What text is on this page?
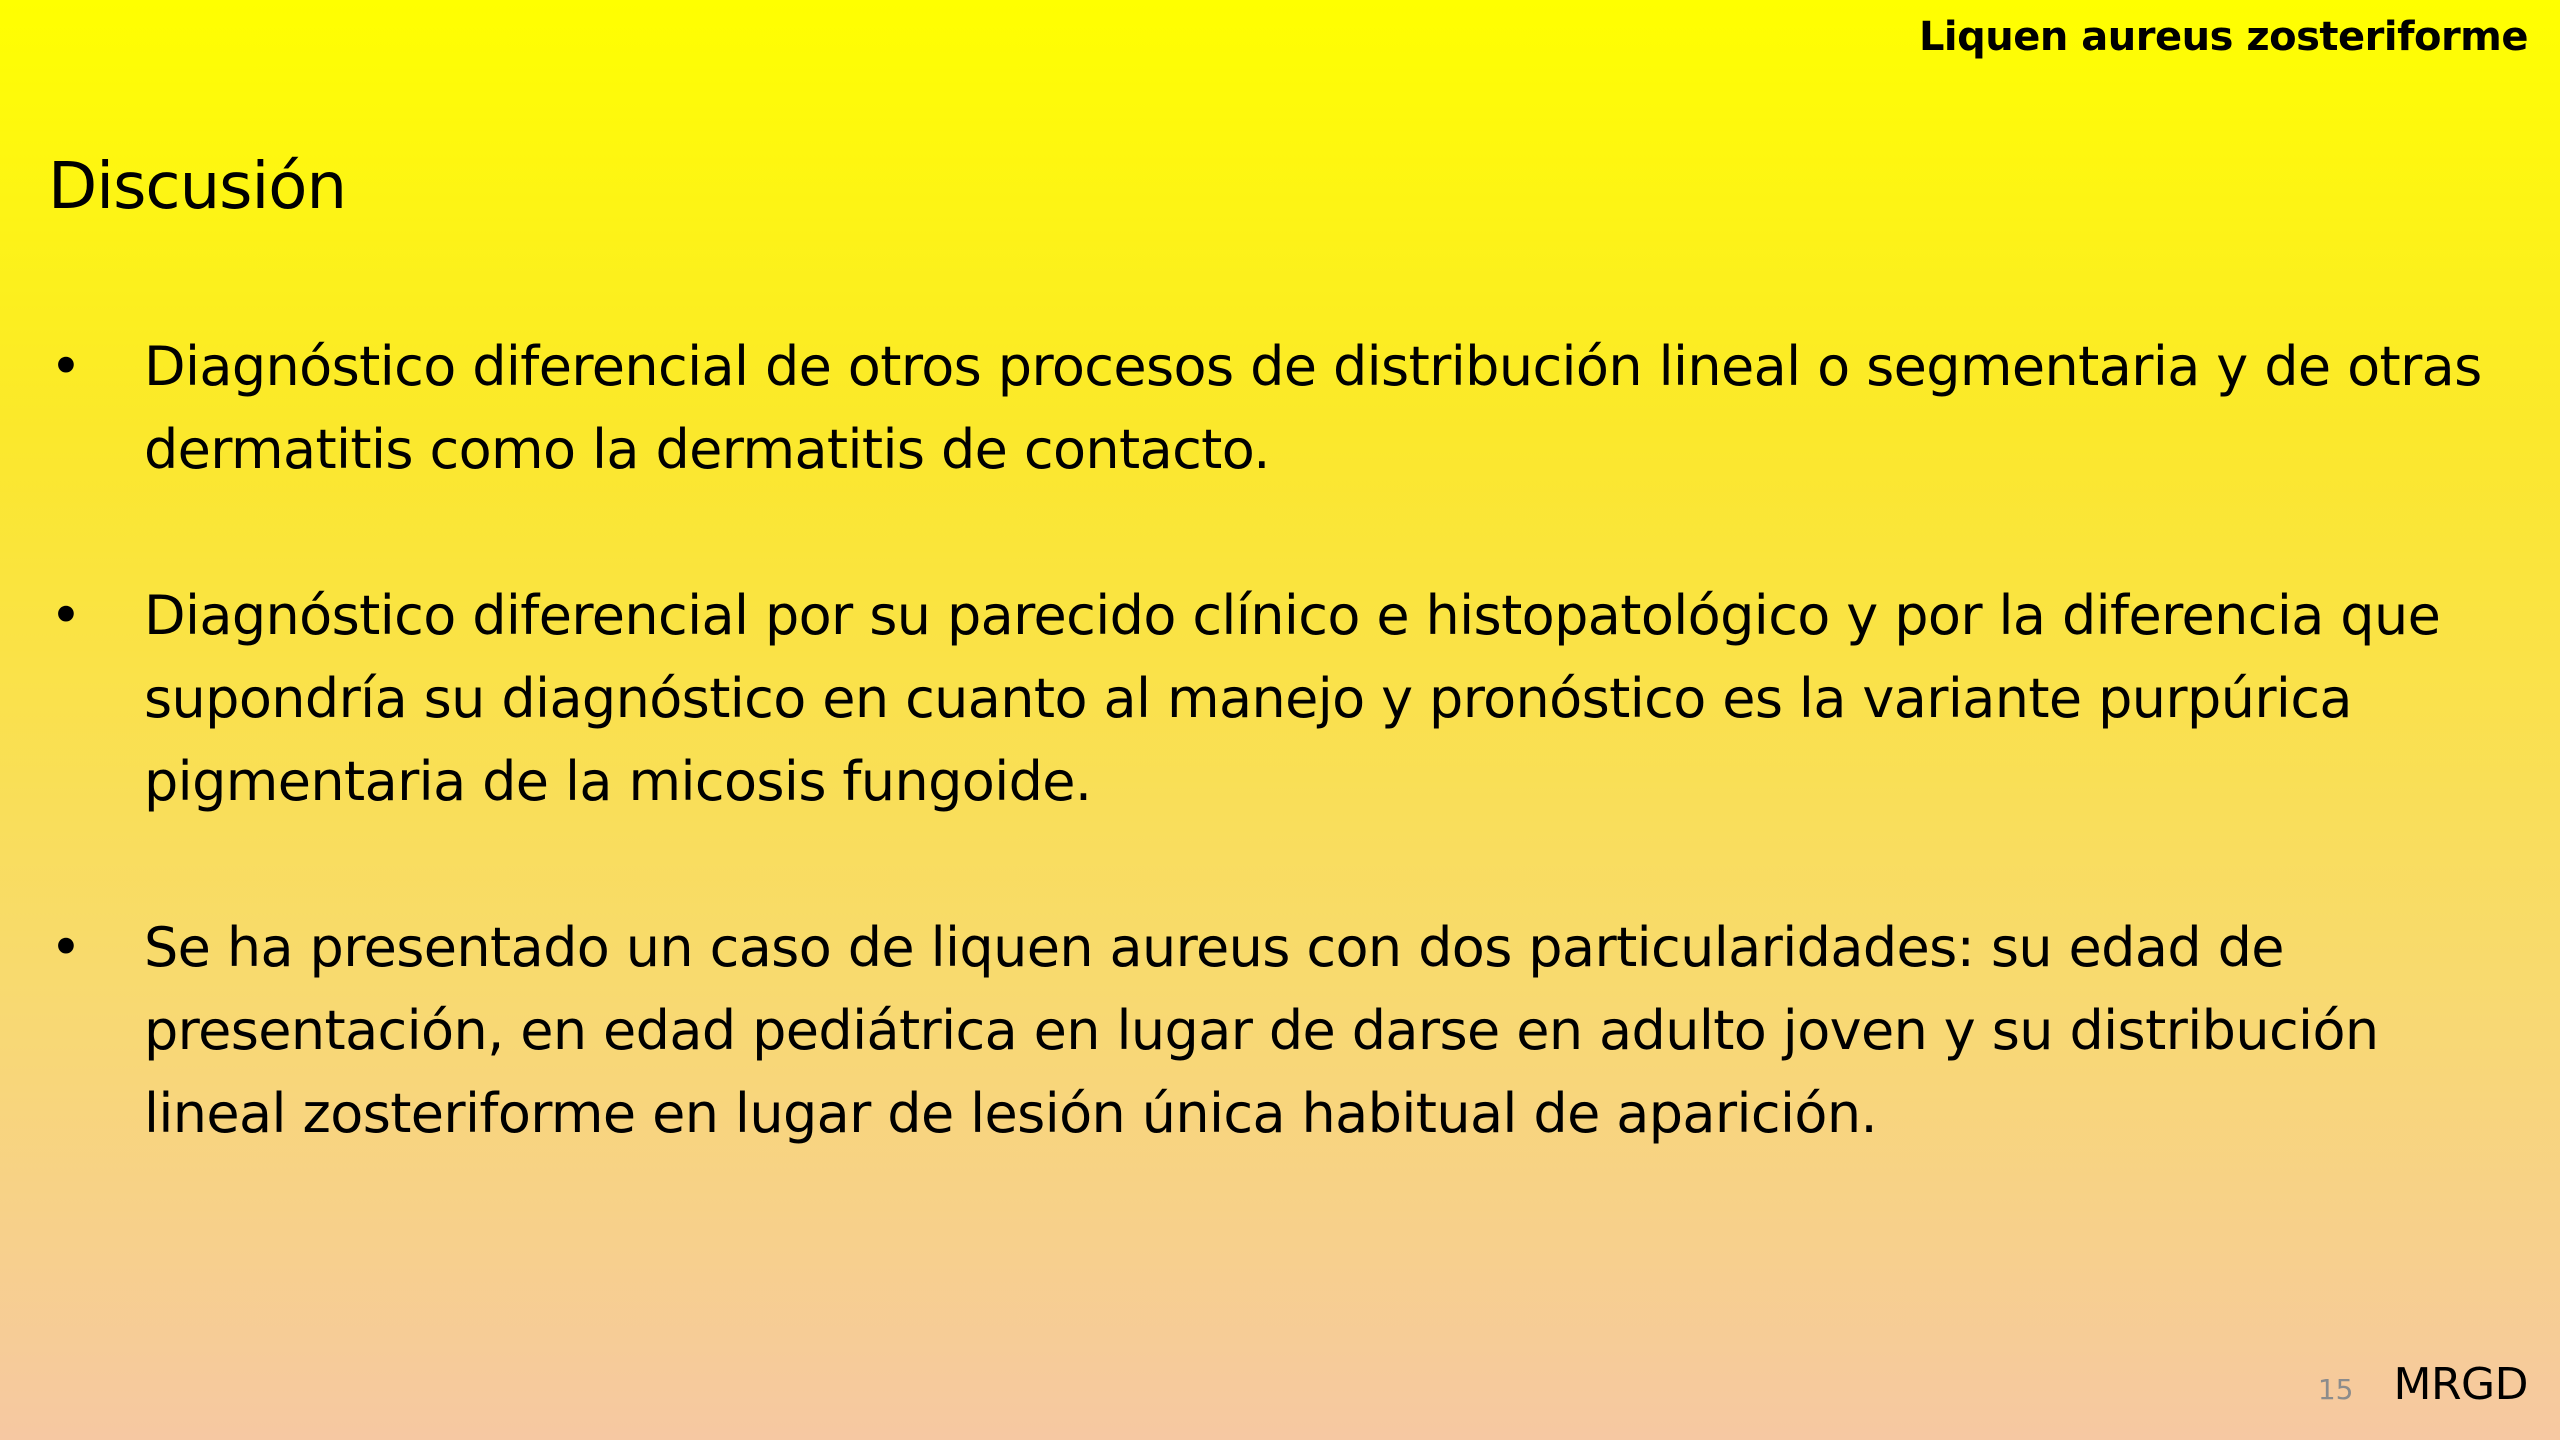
Liquen aureus zosteriforme
Discusión
• Diagnóstico diferencial de otros procesos de distribución lineal o segmentaria y de otras dermatitis como la dermatitis de contacto.
• Diagnóstico diferencial por su parecido clínico e histopatológico y por la diferencia que supondría su diagnóstico en cuanto al manejo y pronóstico es la variante purpúrica pigmentaria de la micosis fungoide.
• Se ha presentado un caso de liquen aureus con dos particularidades: su edad de presentación, en edad pediátrica en lugar de darse en adulto joven y su distribución lineal zosteriforme en lugar de lesión única habitual de aparición.
15 MRGD
